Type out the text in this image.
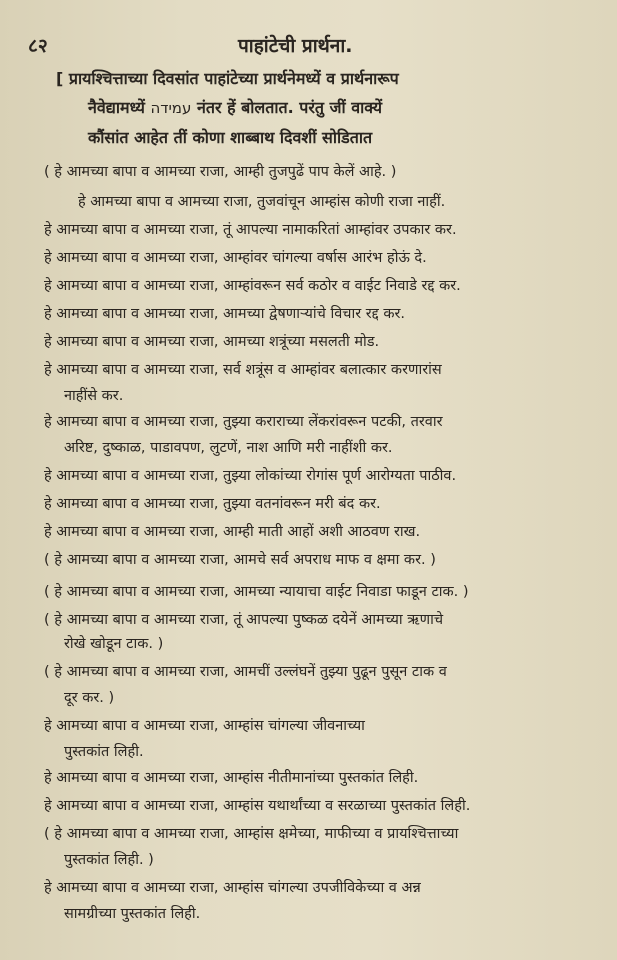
८२	पाहांटेची प्रार्थना.
[ प्रायश्चित्ताच्या दिवसांत पाहांटेच्या प्रार्थनेमध्यें व प्रार्थनारूप
नैवेद्यामध्यें עמידה नंतर हें बोलतात. परंतु जीं वाक्यें
कौंसांत आहेत तीं कोणा शाब्बाथ दिवशीं सोडितात
( हे आमच्या बापा व आमच्या राजा, आम्ही तुजपुढें पाप केलें आहे. )
हे आमच्या बापा व आमच्या राजा, तुजवांचून आम्हांस कोणी राजा नाहीं.
हे आमच्या बापा व आमच्या राजा, तूं आपल्या नामाकरितां आम्हांवर उपकार कर.
हे आमच्या बापा व आमच्या राजा, आम्हांवर चांगल्या वर्षास आरंभ होऊं दे.
हे आमच्या बापा व आमच्या राजा, आम्हांवरून सर्व कठोर व वाईट निवाडे रद्द कर.
हे आमच्या बापा व आमच्या राजा, आमच्या द्वेषणाऱ्यांचे विचार रद्द कर.
हे आमच्या बापा व आमच्या राजा, आमच्या शत्रूंच्या मसलती मोड.
हे आमच्या बापा व आमच्या राजा, सर्व शत्रूंस व आम्हांवर बलात्कार करणारांस
नाहींसे कर.
हे आमच्या बापा व आमच्या राजा, तुझ्या कराराच्या लेंकरांवरून पटकी, तरवार
अरिष्ट, दुष्काळ, पाडावपण, लुटणें, नाश आणि मरी नाहींशी कर.
हे आमच्या बापा व आमच्या राजा, तुझ्या लोकांच्या रोगांस पूर्ण आरोग्यता पाठीव.
हे आमच्या बापा व आमच्या राजा, तुझ्या वतनांवरून मरी बंद कर.
हे आमच्या बापा व आमच्या राजा, आम्ही माती आहों अशी आठवण राख.
( हे आमच्या बापा व आमच्या राजा, आमचे सर्व अपराध माफ व क्षमा कर. )
( हे आमच्या बापा व आमच्या राजा, आमच्या न्यायाचा वाईट निवाडा फाडून टाक. )
( हे आमच्या बापा व आमच्या राजा, तूं आपल्या पुष्कळ दयेनें आमच्या ऋणाचे
रोखे खोडून टाक. )
( हे आमच्या बापा व आमच्या राजा, आमचीं उल्लंघनें तुझ्या पुढून पुसून टाक व
दूर कर. )
हे आमच्या बापा व आमच्या राजा, आम्हांस चांगल्या जीवनाच्या
पुस्तकांत लिही.
हे आमच्या बापा व आमच्या राजा, आम्हांस नीतीमानांच्या पुस्तकांत लिही.
हे आमच्या बापा व आमच्या राजा, आम्हांस यथार्थांच्या व सरळाच्या पुस्तकांत लिही.
( हे आमच्या बापा व आमच्या राजा, आम्हांस क्षमेच्या, माफीच्या व प्रायश्चित्ताच्या
पुस्तकांत लिही. )
हे आमच्या बापा व आमच्या राजा, आम्हांस चांगल्या उपजीविकेच्या व अन्न
सामग्रीच्या पुस्तकांत लिही.
